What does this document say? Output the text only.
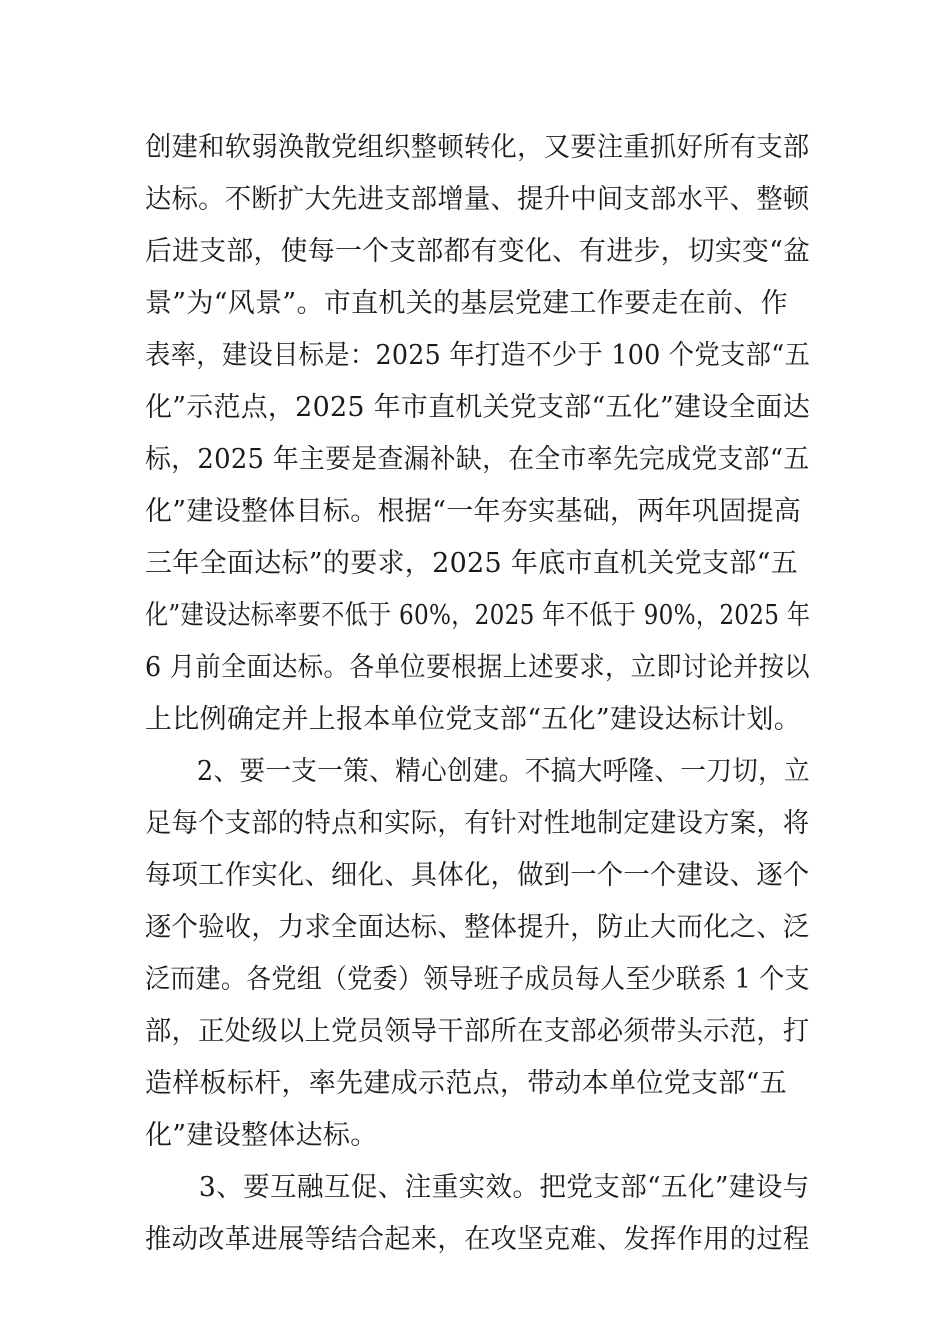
创建和软弱涣散党组织整顿转化，又要注重抓好所有支部
达标。不断扩大先进支部增量、提升中间支部水平、整顿
后进支部，使每一个支部都有变化、有进步，切实变“盆
景”为“风景”。市直机关的基层党建工作要走在前、作
表率，建设目标是：2025 年打造不少于 100 个党支部“五
化”示范点，2025 年市直机关党支部“五化”建设全面达
标，2025 年主要是查漏补缺，在全市率先完成党支部“五
化”建设整体目标。根据“一年夯实基础，两年巩固提高
三年全面达标”的要求，2025 年底市直机关党支部“五
化”建设达标率要不低于 60%，2025 年不低于 90%，2025 年
6 月前全面达标。各单位要根据上述要求，立即讨论并按以
上比例确定并上报本单位党支部“五化”建设达标计划。
　　2、要一支一策、精心创建。不搞大呼隆、一刀切，立
足每个支部的特点和实际，有针对性地制定建设方案，将
每项工作实化、细化、具体化，做到一个一个建设、逐个
逐个验收，力求全面达标、整体提升，防止大而化之、泛
泛而建。各党组（党委）领导班子成员每人至少联系 1 个支
部，正处级以上党员领导干部所在支部必须带头示范，打
造样板标杆，率先建成示范点，带动本单位党支部“五
化”建设整体达标。
　　3、要互融互促、注重实效。把党支部“五化”建设与
推动改革进展等结合起来，在攻坚克难、发挥作用的过程
